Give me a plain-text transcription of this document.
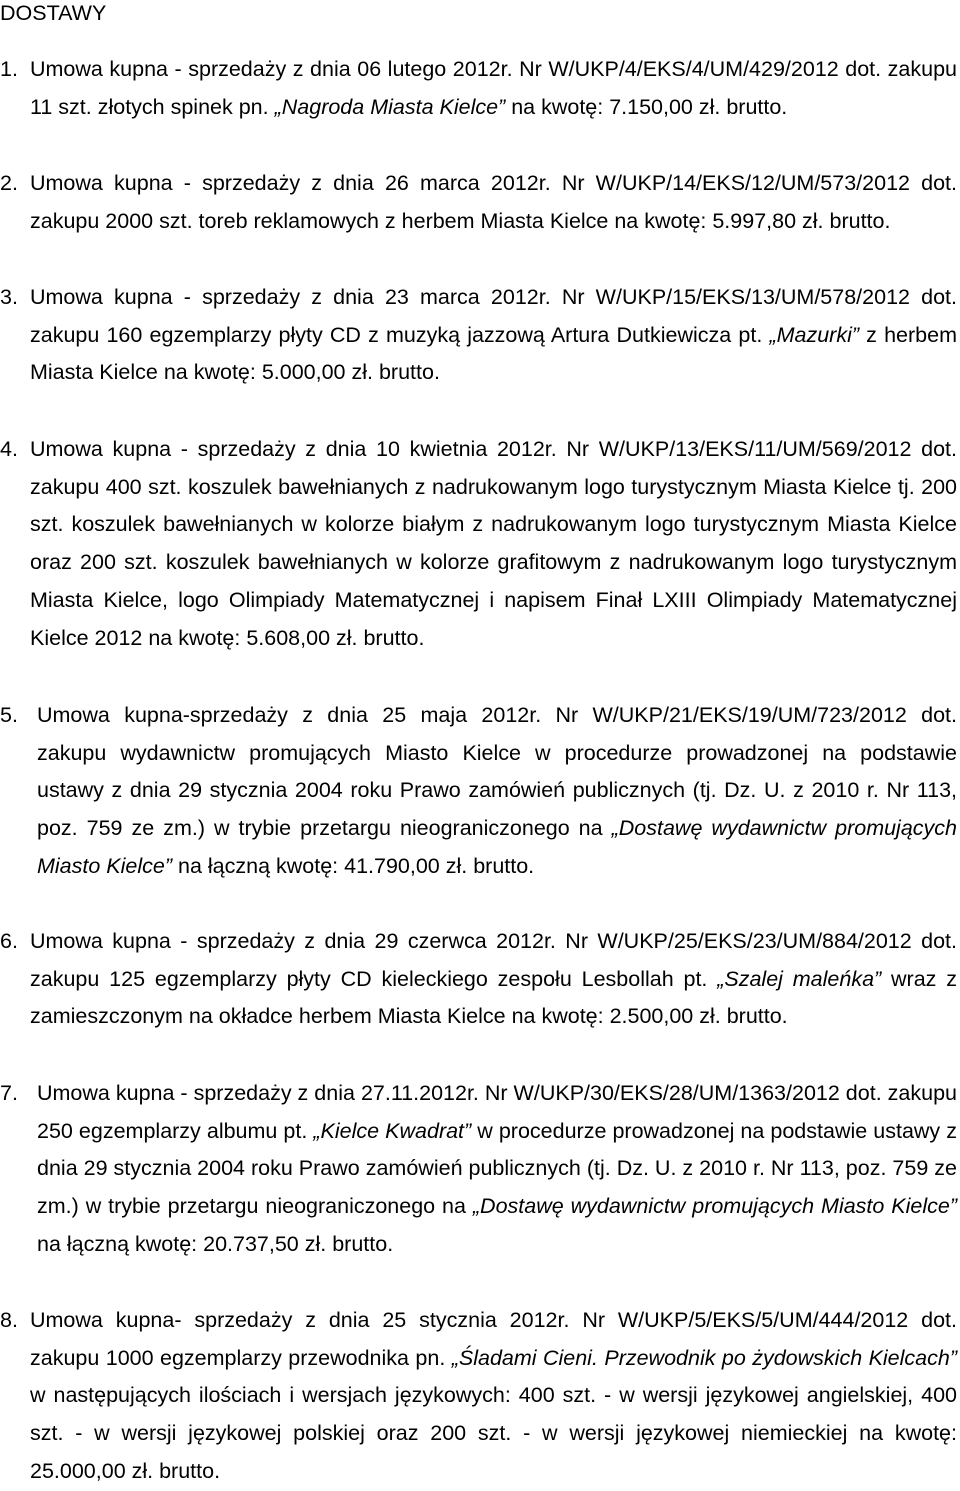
DOSTAWY
1. Umowa kupna - sprzedaży z dnia 06 lutego 2012r. Nr W/UKP/4/EKS/4/UM/429/2012 dot. zakupu 11 szt. złotych spinek pn. „Nagroda Miasta Kielce” na kwotę: 7.150,00 zł. brutto.
2. Umowa kupna - sprzedaży z dnia 26 marca 2012r. Nr W/UKP/14/EKS/12/UM/573/2012 dot. zakupu 2000 szt. toreb reklamowych z herbem Miasta Kielce na kwotę: 5.997,80 zł. brutto.
3. Umowa kupna - sprzedaży z dnia 23 marca 2012r. Nr W/UKP/15/EKS/13/UM/578/2012 dot. zakupu 160 egzemplarzy płyty CD z muzyką jazzową Artura Dutkiewicza pt. „Mazurki” z herbem Miasta Kielce na kwotę: 5.000,00 zł. brutto.
4. Umowa kupna - sprzedaży z dnia 10 kwietnia 2012r. Nr W/UKP/13/EKS/11/UM/569/2012 dot. zakupu 400 szt. koszulek bawełnianych z nadrukowanym logo turystycznym Miasta Kielce tj. 200 szt. koszulek bawełnianych w kolorze białym z nadrukowanym logo turystycznym Miasta Kielce oraz 200 szt. koszulek bawełnianych w kolorze grafitowym z nadrukowanym logo turystycznym Miasta Kielce, logo Olimpiady Matematycznej i napisem Finał LXIII Olimpiady Matematycznej Kielce 2012 na kwotę: 5.608,00 zł. brutto.
5. Umowa kupna-sprzedaży z dnia 25 maja 2012r. Nr W/UKP/21/EKS/19/UM/723/2012 dot. zakupu wydawnictw promujących Miasto Kielce w procedurze prowadzonej na podstawie ustawy z dnia 29 stycznia 2004 roku Prawo zamówień publicznych (tj. Dz. U. z 2010 r. Nr 113, poz. 759 ze zm.) w trybie przetargu nieograniczonego na „Dostawę wydawnictw promujących Miasto Kielce” na łączną kwotę: 41.790,00 zł. brutto.
6. Umowa kupna - sprzedaży z dnia 29 czerwca 2012r. Nr W/UKP/25/EKS/23/UM/884/2012 dot. zakupu 125 egzemplarzy płyty CD kieleckiego zespołu Lesbollah pt. „Szalej maleńka” wraz z zamieszczonym na okładce herbem Miasta Kielce na kwotę: 2.500,00 zł. brutto.
7. Umowa kupna - sprzedaży z dnia 27.11.2012r. Nr W/UKP/30/EKS/28/UM/1363/2012 dot. zakupu 250 egzemplarzy albumu pt. „Kielce Kwadrat” w procedurze prowadzonej na podstawie ustawy z dnia 29 stycznia 2004 roku Prawo zamówień publicznych (tj. Dz. U. z 2010 r. Nr 113, poz. 759 ze zm.) w trybie przetargu nieograniczonego na „Dostawę wydawnictw promujących Miasto Kielce” na łączną kwotę: 20.737,50 zł. brutto.
8. Umowa kupna- sprzedaży z dnia 25 stycznia 2012r. Nr W/UKP/5/EKS/5/UM/444/2012 dot. zakupu 1000 egzemplarzy przewodnika pn. „Śladami Cieni. Przewodnik po żydowskich Kielcach” w następujących ilościach i wersjach językowych: 400 szt. - w wersji językowej angielskiej, 400 szt. - w wersji językowej polskiej oraz 200 szt. - w wersji językowej niemieckiej na kwotę: 25.000,00 zł. brutto.
